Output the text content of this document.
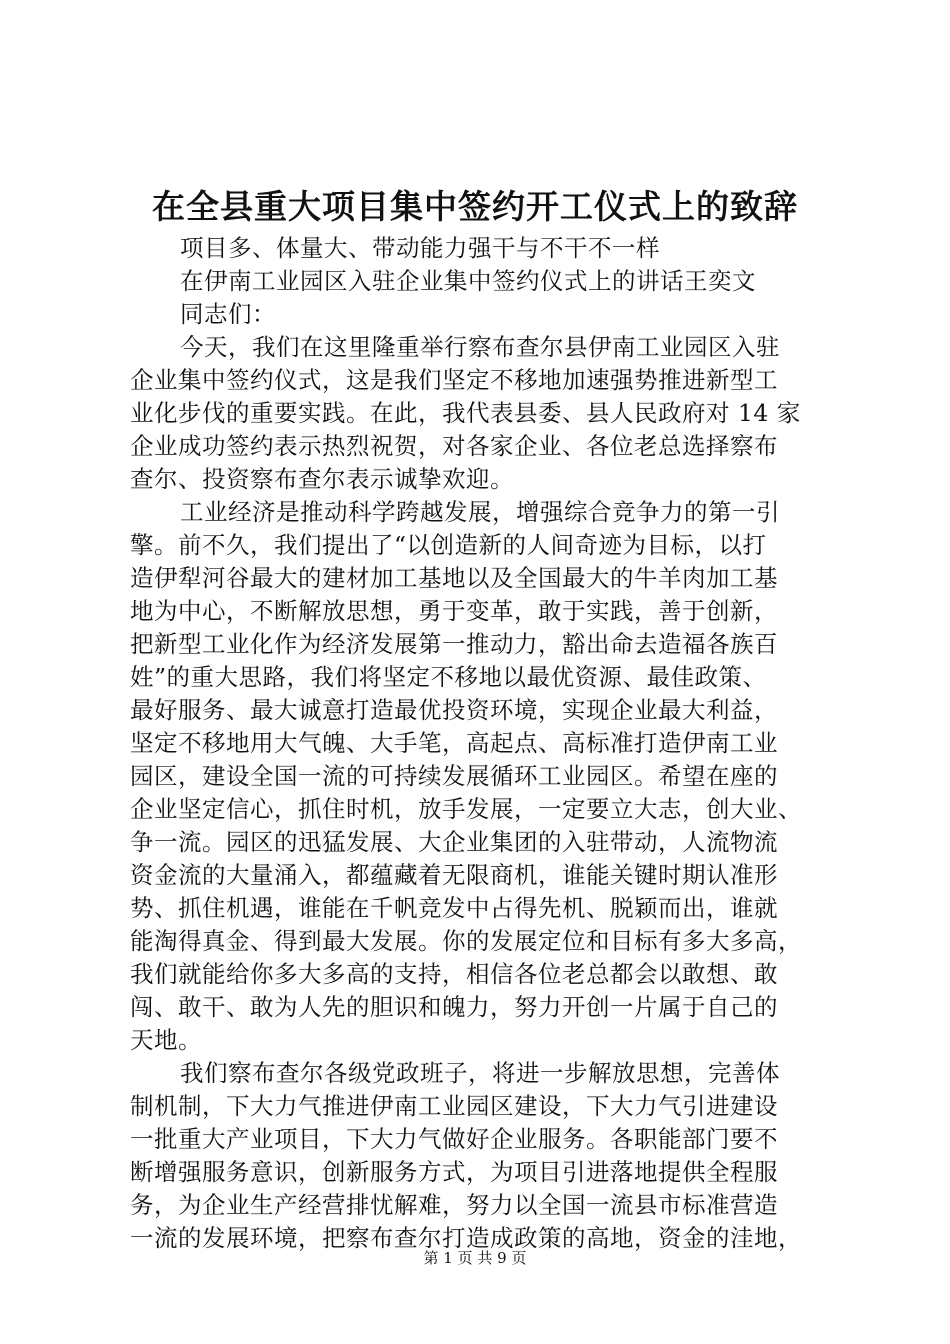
在全县重大项目集中签约开工仪式上的致辞
项目多、体量大、带动能力强干与不干不一样
在伊南工业园区入驻企业集中签约仪式上的讲话王奕文
同志们：
今天，我们在这里隆重举行察布查尔县伊南工业园区入驻
企业集中签约仪式，这是我们坚定不移地加速强势推进新型工
业化步伐的重要实践。在此，我代表县委、县人民政府对 14 家
企业成功签约表示热烈祝贺，对各家企业、各位老总选择察布
查尔、投资察布查尔表示诚挚欢迎。
工业经济是推动科学跨越发展，增强综合竞争力的第一引
擎。前不久，我们提出了“以创造新的人间奇迹为目标，以打
造伊犁河谷最大的建材加工基地以及全国最大的牛羊肉加工基
地为中心，不断解放思想，勇于变革，敢于实践，善于创新，
把新型工业化作为经济发展第一推动力，豁出命去造福各族百
姓”的重大思路，我们将坚定不移地以最优资源、最佳政策、
最好服务、最大诚意打造最优投资环境，实现企业最大利益，
坚定不移地用大气魄、大手笔，高起点、高标准打造伊南工业
园区，建设全国一流的可持续发展循环工业园区。希望在座的
企业坚定信心，抓住时机，放手发展，一定要立大志，创大业、
争一流。园区的迅猛发展、大企业集团的入驻带动，人流物流
资金流的大量涌入，都蕴藏着无限商机，谁能关键时期认准形
势、抓住机遇，谁能在千帆竞发中占得先机、脱颖而出，谁就
能淘得真金、得到最大发展。你的发展定位和目标有多大多高，
我们就能给你多大多高的支持，相信各位老总都会以敢想、敢
闯、敢干、敢为人先的胆识和魄力，努力开创一片属于自己的
天地。
我们察布查尔各级党政班子，将进一步解放思想，完善体
制机制，下大力气推进伊南工业园区建设，下大力气引进建设
一批重大产业项目，下大力气做好企业服务。各职能部门要不
断增强服务意识，创新服务方式，为项目引进落地提供全程服
务，为企业生产经营排忧解难，努力以全国一流县市标准营造
一流的发展环境，把察布查尔打造成政策的高地，资金的洼地，
第 1 页 共 9 页
